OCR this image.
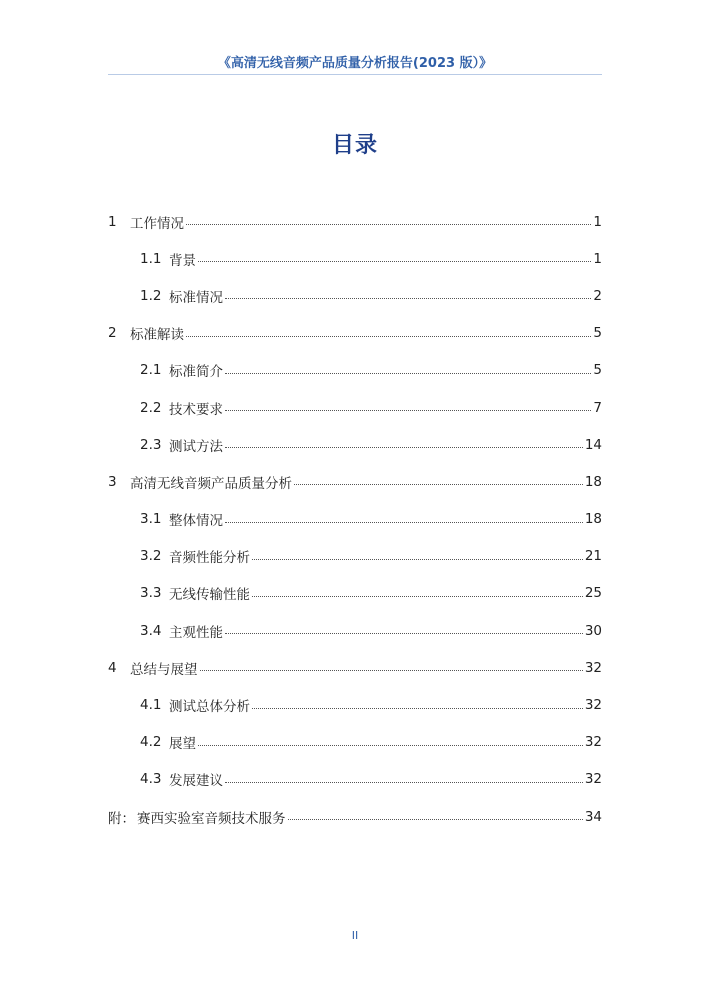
《高清无线音频产品质量分析报告(2023 版）》
目录
1 工作情况	1
1.1 背景	1
1.2 标准情况	2
2 标准解读	5
2.1 标准简介	5
2.2 技术要求	7
2.3 测试方法	14
3 高清无线音频产品质量分析	18
3.1 整体情况	18
3.2 音频性能分析	21
3.3 无线传输性能	25
3.4 主观性能	30
4 总结与展望	32
4.1 测试总体分析	32
4.2 展望	32
4.3 发展建议	32
附： 赛西实验室音频技术服务	34
II
